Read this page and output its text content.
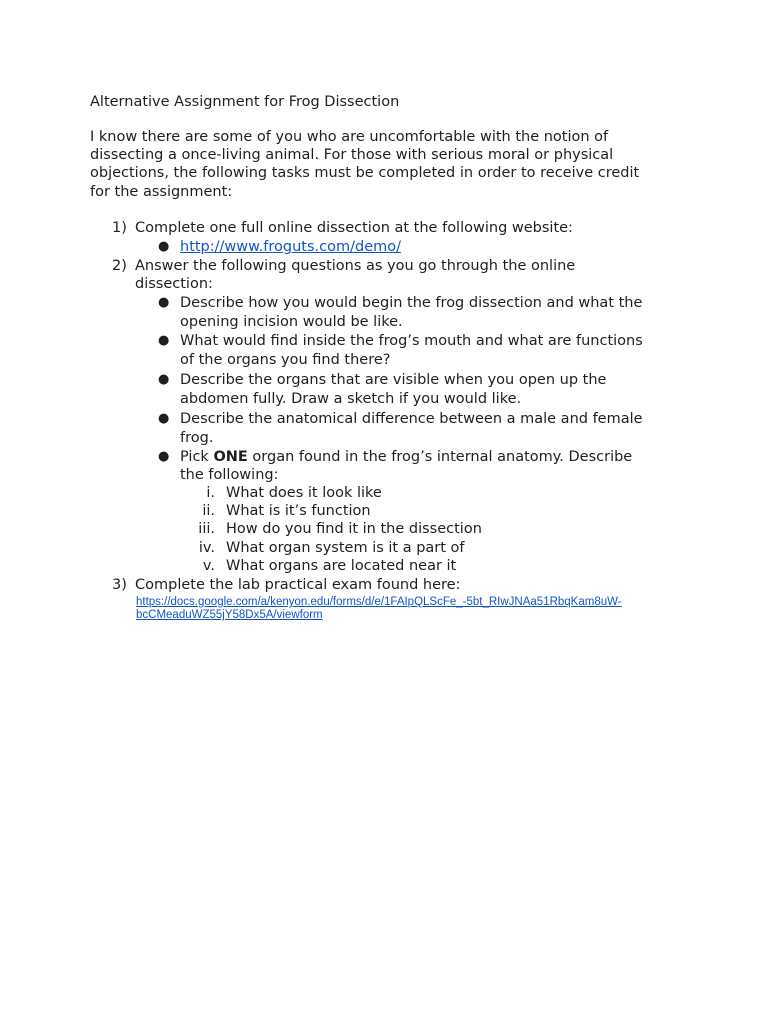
Alternative Assignment for Frog Dissection
I know there are some of you who are uncomfortable with the notion of
dissecting a once-living animal. For those with serious moral or physical
objections, the following tasks must be completed in order to receive credit
for the assignment:
1) Complete one full online dissection at the following website:
● http://www.froguts.com/demo/
2) Answer the following questions as you go through the online
dissection:
● Describe how you would begin the frog dissection and what the
opening incision would be like.
● What would find inside the frog’s mouth and what are functions
of the organs you find there?
● Describe the organs that are visible when you open up the
abdomen fully. Draw a sketch if you would like.
● Describe the anatomical difference between a male and female
frog.
● Pick ONE organ found in the frog’s internal anatomy. Describe
the following:
i. What does it look like
ii. What is it’s function
iii. How do you find it in the dissection
iv. What organ system is it a part of
v. What organs are located near it
3) Complete the lab practical exam found here:
https://docs.google.com/a/kenyon.edu/forms/d/e/1FAIpQLScFe_-5bt_RIwJNAa51RbqKam8uW-
bcCMeaduWZ55jY58Dx5A/viewform
